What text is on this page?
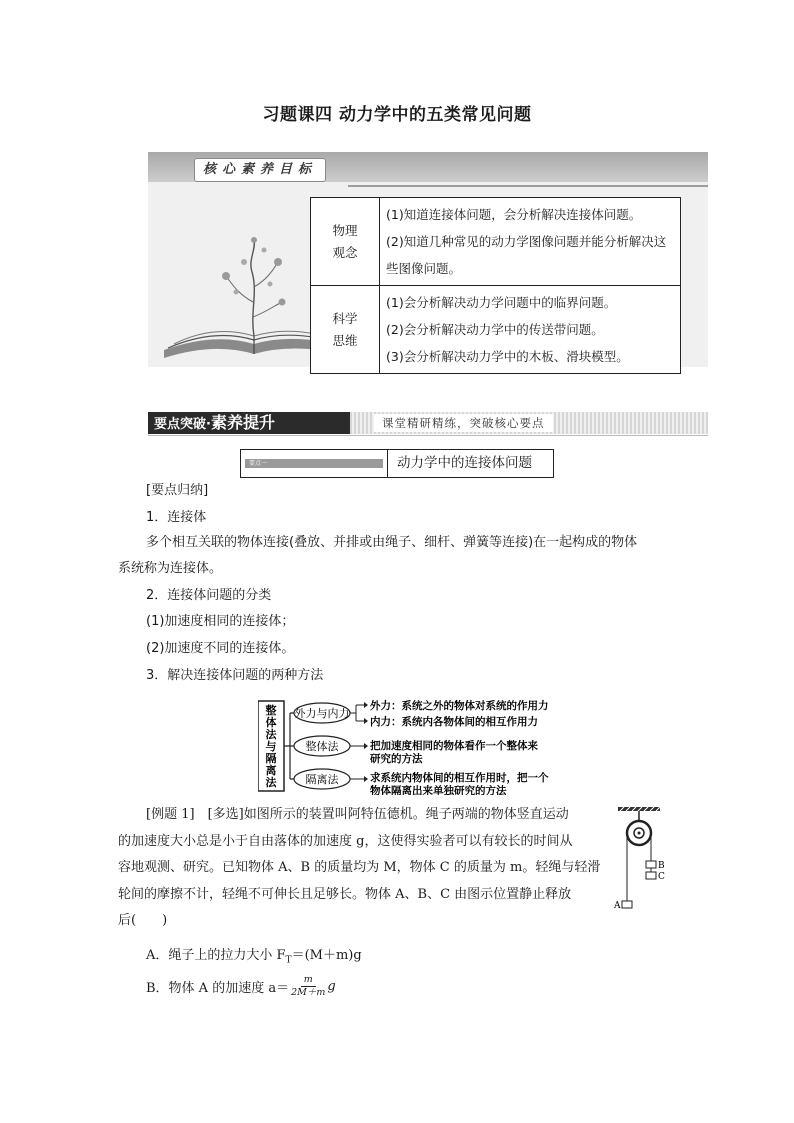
习题课四 动力学中的五类常见问题
核心素养目标
物理观念	(1)知道连接体问题，会分析解决连接体问题。
(2)知道几种常见的动力学图像问题并能分析解决这些图像问题。

科学思维	(1)会分析解决动力学问题中的临界问题。
(2)会分析解决动力学中的传送带问题。
(3)会分析解决动力学中的木板、滑块模型。
要点突破·素养提升	课堂精研精练，突破核心要点
要点一	动力学中的连接体问题
[要点归纳]
1．连接体
多个相互关联的物体连接(叠放、并排或由绳子、细杆、弹簧等连接)在一起构成的物体
系统称为连接体。
2．连接体问题的分类
(1)加速度相同的连接体；
(2)加速度不同的连接体。
3．解决连接体问题的两种方法
整
体
法
与
隔
离
法
外力与内力
整体法
隔离法
外力：系统之外的物体对系统的作用力
内力：系统内各物体间的相互作用力
把加速度相同的物体看作一个整体来
研究的方法
求系统内物体间的相互作用时，把一个
物体隔离出来单独研究的方法
[例题 1]　 [多选]如图所示的装置叫阿特伍德机。绳子两端的物体竖直运动
的加速度大小总是小于自由落体的加速度 g，这使得实验者可以有较长的时间从
容地观测、研究。已知物体 A、B 的质量均为 M，物体 C 的质量为 m。轻绳与轻滑
轮间的摩擦不计，轻绳不可伸长且足够长。物体 A、B、C 由图示位置静止释放
后(　　)
B
C
A
A．绳子上的拉力大小 $F_T=(M+m)g$
B．物体 A 的加速度 $a= \frac{m}{2M+m}$ g
